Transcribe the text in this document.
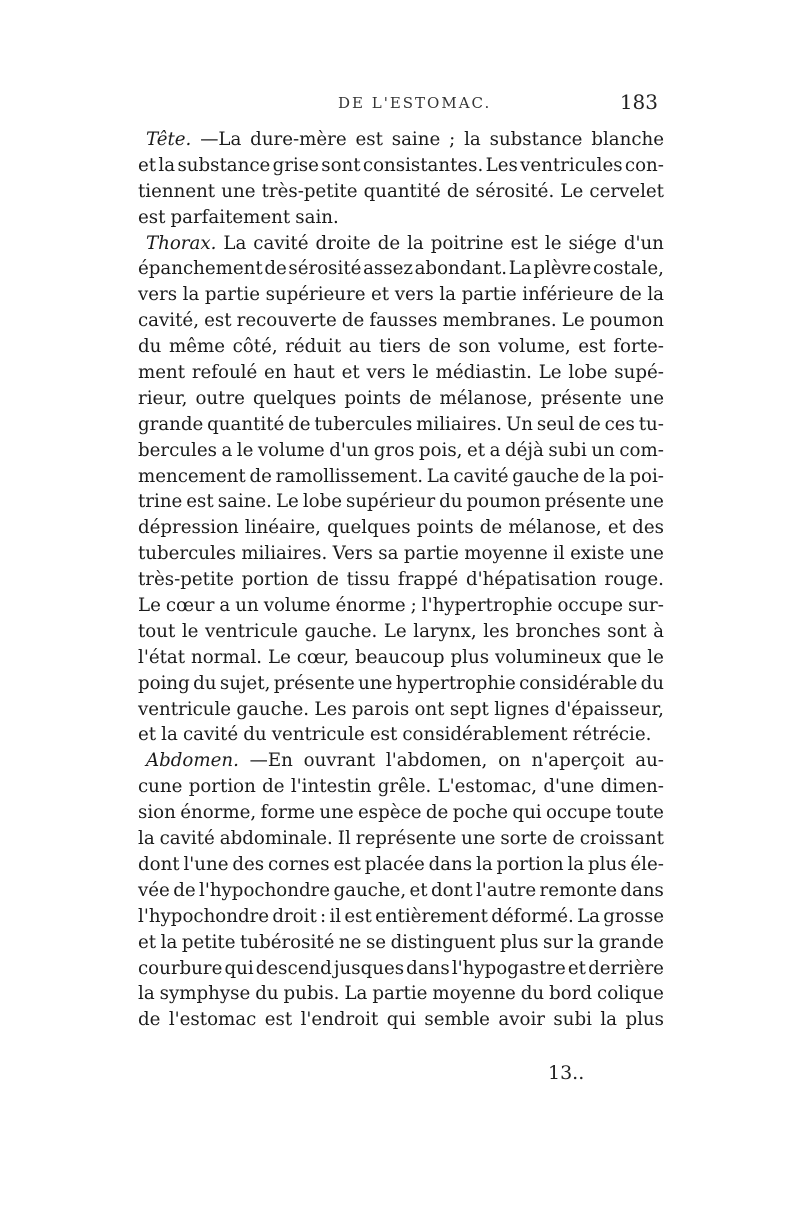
DE L'ESTOMAC.	183
Tête. —La dure-mère est saine ; la substance blanche
et la substance grise sont consistantes. Les ventricules con-
tiennent une très-petite quantité de sérosité. Le cervelet
est parfaitement sain.
Thorax. La cavité droite de la poitrine est le siége d'un
épanchement de sérosité assez abondant. La plèvre costale,
vers la partie supérieure et vers la partie inférieure de la
cavité, est recouverte de fausses membranes. Le poumon
du même côté, réduit au tiers de son volume, est forte-
ment refoulé en haut et vers le médiastin. Le lobe supé-
rieur, outre quelques points de mélanose, présente une
grande quantité de tubercules miliaires. Un seul de ces tu-
bercules a le volume d'un gros pois, et a déjà subi un com-
mencement de ramollissement. La cavité gauche de la poi-
trine est saine. Le lobe supérieur du poumon présente une
dépression linéaire, quelques points de mélanose, et des
tubercules miliaires. Vers sa partie moyenne il existe une
très-petite portion de tissu frappé d'hépatisation rouge.
Le cœur a un volume énorme ; l'hypertrophie occupe sur-
tout le ventricule gauche. Le larynx, les bronches sont à
l'état normal. Le cœur, beaucoup plus volumineux que le
poing du sujet, présente une hypertrophie considérable du
ventricule gauche. Les parois ont sept lignes d'épaisseur,
et la cavité du ventricule est considérablement rétrécie.
Abdomen. —En ouvrant l'abdomen, on n'aperçoit au-
cune portion de l'intestin grêle. L'estomac, d'une dimen-
sion énorme, forme une espèce de poche qui occupe toute
la cavité abdominale. Il représente une sorte de croissant
dont l'une des cornes est placée dans la portion la plus éle-
vée de l'hypochondre gauche, et dont l'autre remonte dans
l'hypochondre droit : il est entièrement déformé. La grosse
et la petite tubérosité ne se distinguent plus sur la grande
courbure qui descend jusques dans l'hypogastre et derrière
la symphyse du pubis. La partie moyenne du bord colique
de l'estomac est l'endroit qui semble avoir subi la plus
13..
